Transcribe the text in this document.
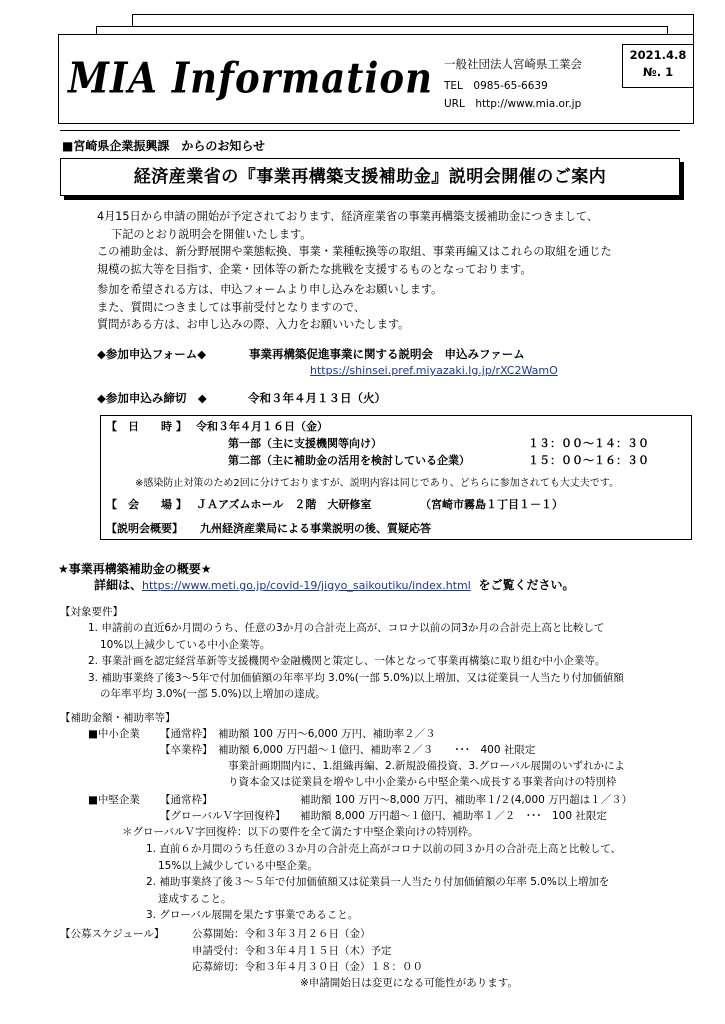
MIA Information 一般社団法人宮崎県工業会
TEL　0985-65-6639
URL　http://www.mia.or.jp
2021.4.8
№. 1
■宮崎県企業振興課　からのお知らせ
経済産業省の『事業再構築支援補助金』説明会開催のご案内
4月15日から申請の開始が予定されております、経済産業省の事業再構築支援補助金につきまして、
下記のとおり説明会を開催いたします。
この補助金は、新分野展開や業態転換、事業・業種転換等の取組、事業再編又はこれらの取組を通じた
規模の拡大等を目指す、企業・団体等の新たな挑戦を支援するものとなっております。
参加を希望される方は、申込フォームより申し込みをお願いします。
また、質問につきましては事前受付となりますので、
質問がある方は、お申し込みの際、入力をお願いいたします。
◆参加申込フォーム◆	事業再構築促進事業に関する説明会　申込みファーム
https://shinsei.pref.miyazaki.lg.jp/rXC2WamO
◆参加申込み締切　◆	令和３年４月１３日（火）
【　日　　時 】 令和３年４月１６日（金）
第一部（主に支援機関等向け）	１３：００～１４：３０
第二部（主に補助金の活用を検討している企業）	１５：００～１６：３０
※感染防止対策のため2回に分けておりますが、説明内容は同じであり、どちらに参加されても大丈夫です。
【　会　　場 】 ＪＡアズムホール　２階　大研修室	（宮崎市霧島１丁目１－１）
【説明会概要】 九州経済産業局による事業説明の後、質疑応答
★事業再構築補助金の概要★
詳細は、https://www.meti.go.jp/covid-19/jigyo_saikoutiku/index.html をご覧ください。
【対象要件】
1. 申請前の直近6か月間のうち、任意の3か月の合計売上高が、コロナ以前の同3か月の合計売上高と比較して
10%以上減少している中小企業等。
2. 事業計画を認定経営革新等支援機関や金融機関と策定し、一体となって事業再構築に取り組む中小企業等。
3. 補助事業終了後3～5年で付加価値額の年率平均 3.0%(一部 5.0%)以上増加、又は従業員一人当たり付加価値額
の年率平均 3.0%(一部 5.0%)以上増加の達成。
【補助金額・補助率等】
■中小企業 【通常枠】 補助額 100 万円～6,000 万円、補助率２／３
【卒業枠】 補助額 6,000 万円超～１億円、補助率２／３　　･･･　400 社限定
事業計画期間内に、1.組織再編、2.新規設備投資、3.グローバル展開のいずれかによ
り資本金又は従業員を増やし中小企業から中堅企業へ成長する事業者向けの特別枠
■中堅企業 【通常枠】	補助額 100 万円～8,000 万円、補助率１/２(4,000 万円超は１／３）
【グローバルＶ字回復枠】 補助額 8,000 万円超～１億円、補助率１／２　･･･　100 社限定
＊グローバルＶ字回復枠：以下の要件を全て満たす中堅企業向けの特別枠。
1. 直前６か月間のうち任意の３か月の合計売上高がコロナ以前の同３か月の合計売上高と比較して、
15%以上減少している中堅企業。
2. 補助事業終了後３～５年で付加価値額又は従業員一人当たり付加価値額の年率 5.0%以上増加を
達成すること。
3. グローバル展開を果たす事業であること。
【公募スケジュール】	公募開始：令和３年３月２６日（金）
申請受付：令和３年４月１５日（木）予定
応募締切：令和３年４月３０日（金）１８：００
※申請開始日は変更になる可能性があります。
